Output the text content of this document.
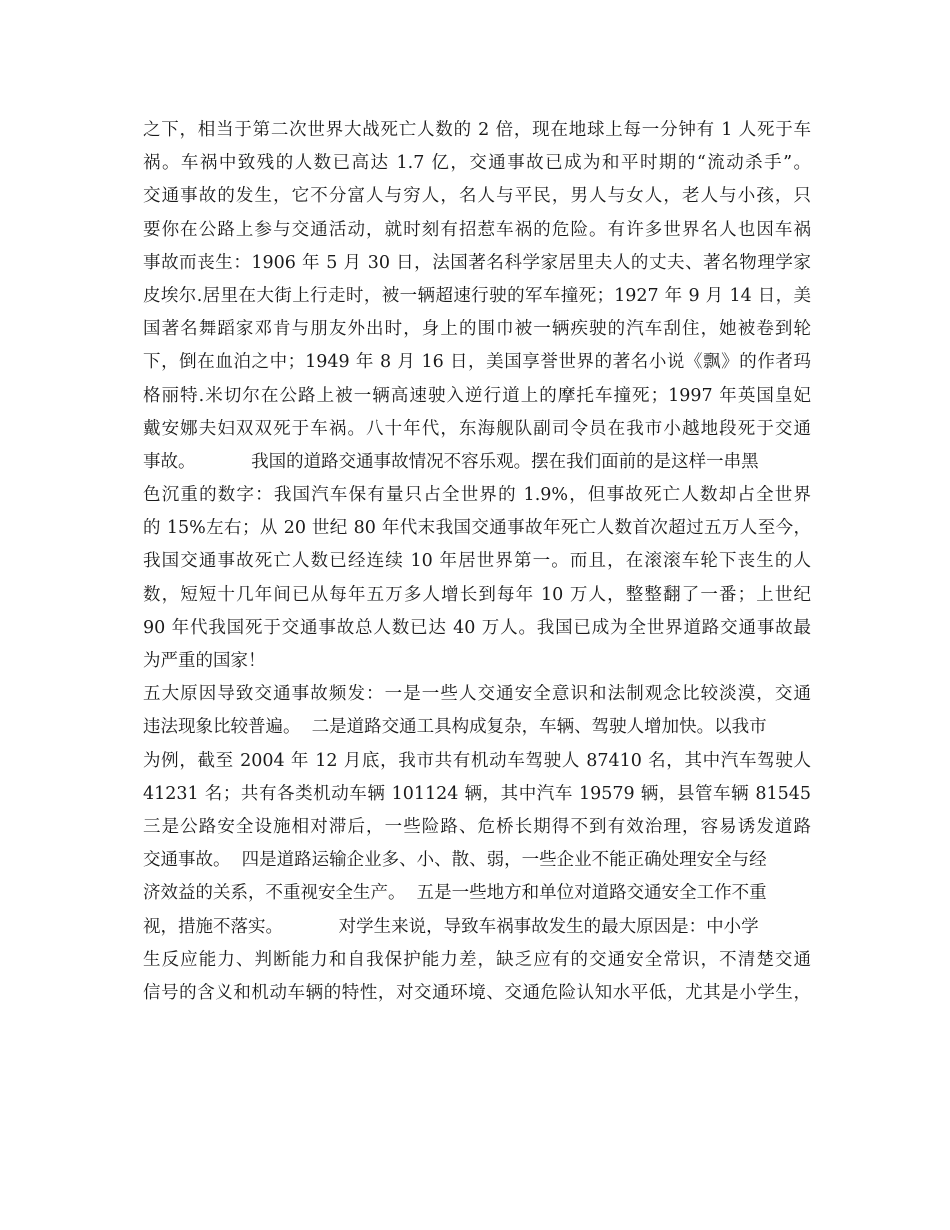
之下，相当于第二次世界大战死亡人数的 2 倍，现在地球上每一分钟有 1 人死于车
祸。车祸中致残的人数已高达 1.7 亿，交通事故已成为和平时期的“流动杀手”。
交通事故的发生，它不分富人与穷人，名人与平民，男人与女人，老人与小孩，只
要你在公路上参与交通活动，就时刻有招惹车祸的危险。有许多世界名人也因车祸
事故而丧生：1906 年 5 月 30 日，法国著名科学家居里夫人的丈夫、著名物理学家
皮埃尔.居里在大街上行走时，被一辆超速行驶的军车撞死；1927 年 9 月 14 日，美
国著名舞蹈家邓肯与朋友外出时，身上的围巾被一辆疾驶的汽车刮住，她被卷到轮
下，倒在血泊之中；1949 年 8 月 16 日，美国享誉世界的著名小说《飘》的作者玛
格丽特.米切尔在公路上被一辆高速驶入逆行道上的摩托车撞死；1997 年英国皇妃
戴安娜夫妇双双死于车祸。八十年代，东海舰队副司令员在我市小越地段死于交通
事故。          我国的道路交通事故情况不容乐观。摆在我们面前的是这样一串黑
色沉重的数字：我国汽车保有量只占全世界的 1.9%，但事故死亡人数却占全世界
的 15%左右；从 20 世纪 80 年代末我国交通事故年死亡人数首次超过五万人至今，
我国交通事故死亡人数已经连续 10 年居世界第一。而且，在滚滚车轮下丧生的人
数，短短十几年间已从每年五万多人增长到每年 10 万人，整整翻了一番；上世纪
90 年代我国死于交通事故总人数已达 40 万人。我国已成为全世界道路交通事故最
为严重的国家！
五大原因导致交通事故频发：一是一些人交通安全意识和法制观念比较淡漠，交通
违法现象比较普遍。  二是道路交通工具构成复杂，车辆、驾驶人增加快。以我市
为例，截至 2004 年 12 月底，我市共有机动车驾驶人 87410 名，其中汽车驾驶人
41231 名；共有各类机动车辆 101124 辆，其中汽车 19579 辆，县管车辆 81545
三是公路安全设施相对滞后，一些险路、危桥长期得不到有效治理，容易诱发道路
交通事故。  四是道路运输企业多、小、散、弱，一些企业不能正确处理安全与经
济效益的关系，不重视安全生产。  五是一些地方和单位对道路交通安全工作不重
视，措施不落实。          对学生来说，导致车祸事故发生的最大原因是：中小学
生反应能力、判断能力和自我保护能力差，缺乏应有的交通安全常识，不清楚交通
信号的含义和机动车辆的特性，对交通环境、交通危险认知水平低，尤其是小学生，
